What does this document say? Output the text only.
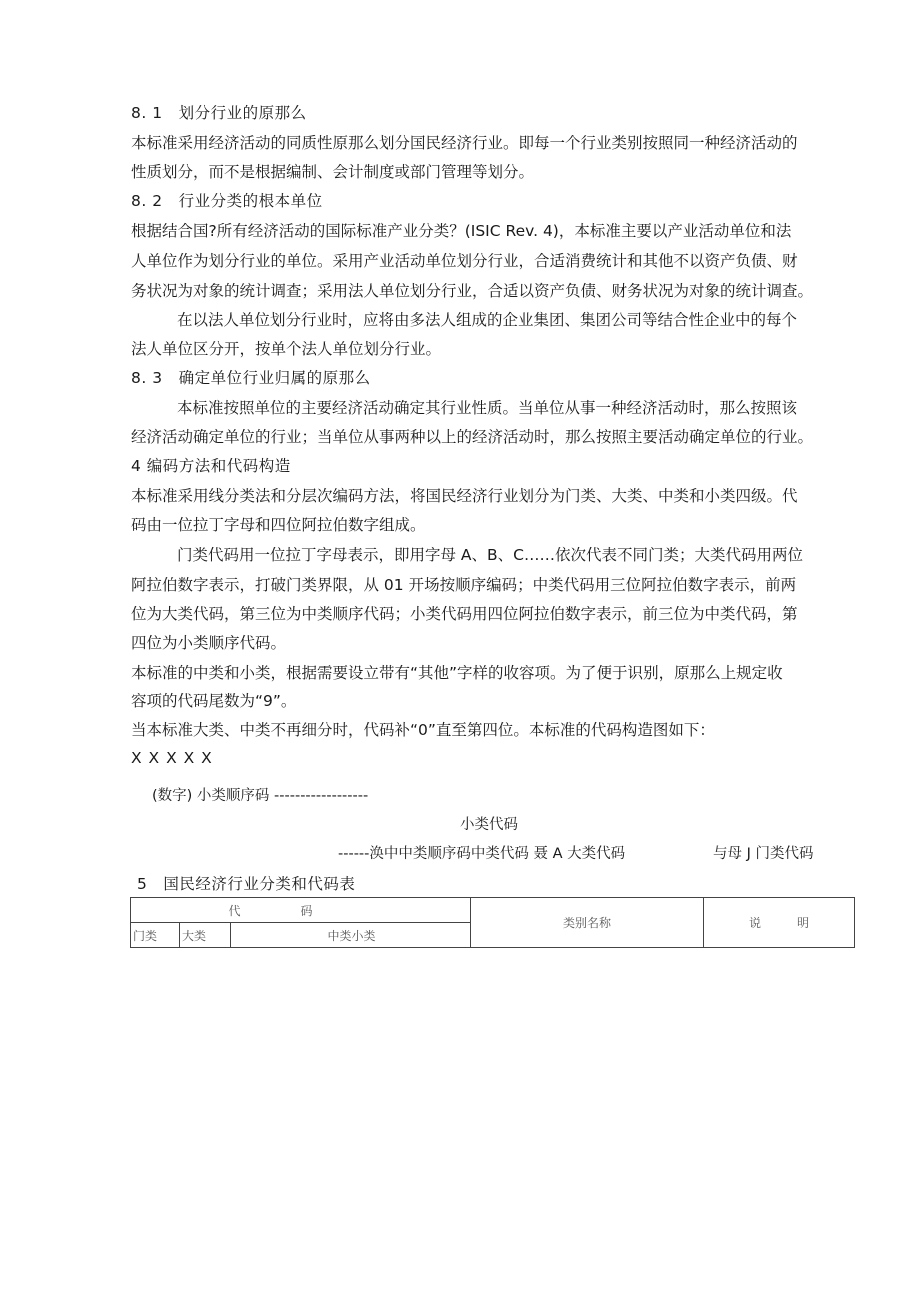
8. 1　划分行业的原那么
本标准采用经济活动的同质性原那么划分国民经济行业。即每一个行业类别按照同一种经济活动的
性质划分，而不是根据编制、会计制度或部门管理等划分。
8. 2　行业分类的根本单位
根据结合国?所有经济活动的国际标准产业分类？(ISIC Rev. 4)，本标准主要以产业活动单位和法
人单位作为划分行业的单位。采用产业活动单位划分行业，合适消费统计和其他不以资产负债、财
务状况为对象的统计调查；采用法人单位划分行业，合适以资产负债、财务状况为对象的统计调查。
在以法人单位划分行业时，应将由多法人组成的企业集团、集团公司等结合性企业中的每个
法人单位区分开，按单个法人单位划分行业。
8. 3　确定单位行业归属的原那么
本标准按照单位的主要经济活动确定其行业性质。当单位从事一种经济活动时，那么按照该
经济活动确定单位的行业；当单位从事两种以上的经济活动时，那么按照主要活动确定单位的行业。
4 编码方法和代码构造
本标准采用线分类法和分层次编码方法，将国民经济行业划分为门类、大类、中类和小类四级。代
码由一位拉丁字母和四位阿拉伯数字组成。
门类代码用一位拉丁字母表示，即用字母 A、B、C……依次代表不同门类；大类代码用两位
阿拉伯数字表示，打破门类界限，从 01 开场按顺序编码；中类代码用三位阿拉伯数字表示，前两
位为大类代码，第三位为中类顺序代码；小类代码用四位阿拉伯数字表示，前三位为中类代码，第
四位为小类顺序代码。
本标准的中类和小类，根据需要设立带有“其他”字样的收容项。为了便于识别，原那么上规定收
容项的代码尾数为“9”。
当本标准大类、中类不再细分时，代码补“0”直至第四位。本标准的代码构造图如下：
X X X X X
(数字) 小类顺序码 ------------------
小类代码
------涣中中类顺序码中类代码 聂 A 大类代码	与母 J 门类代码
5　国民经济行业分类和代码表
代码			类别名称	说　　　明
门类	大类	中类小类		
